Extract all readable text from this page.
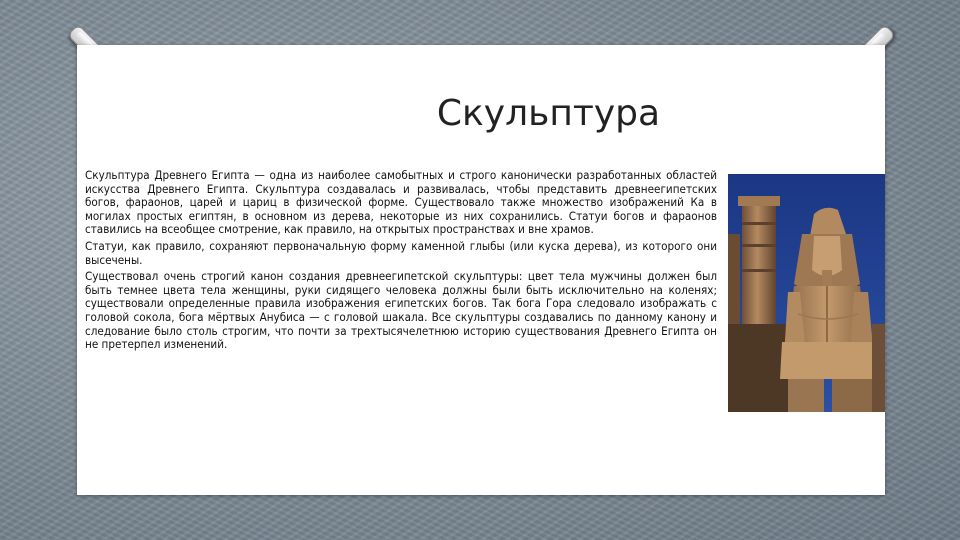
Скульптура

Скульптура Древнего Египта — одна из наиболее самобытных и строго канонически разработанных областей искусства Древнего Египта. Скульптура создавалась и развивалась, чтобы представить древнеегипетских богов, фараонов, царей и цариц в физической форме. Существовало также множество изображений Ка в могилах простых египтян, в основном из дерева, некоторые из них сохранились. Статуи богов и фараонов ставились на всеобщее смотрение, как правило, на открытых пространствах и вне храмов.

Статуи, как правило, сохраняют первоначальную форму каменной глыбы (или куска дерева), из которого они высечены.

Существовал очень строгий канон создания древнеегипетской скульптуры: цвет тела мужчины должен был быть темнее цвета тела женщины, руки сидящего человека должны были быть исключительно на коленях; существовали определенные правила изображения египетских богов. Так бога Гора следовало изображать с головой сокола, бога мёртвых Анубиса — с головой шакала. Все скульптуры создавались по данному канону и следование было столь строгим, что почти за трехтысячелетнюю историю существования Древнего Египта он не претерпел изменений.
